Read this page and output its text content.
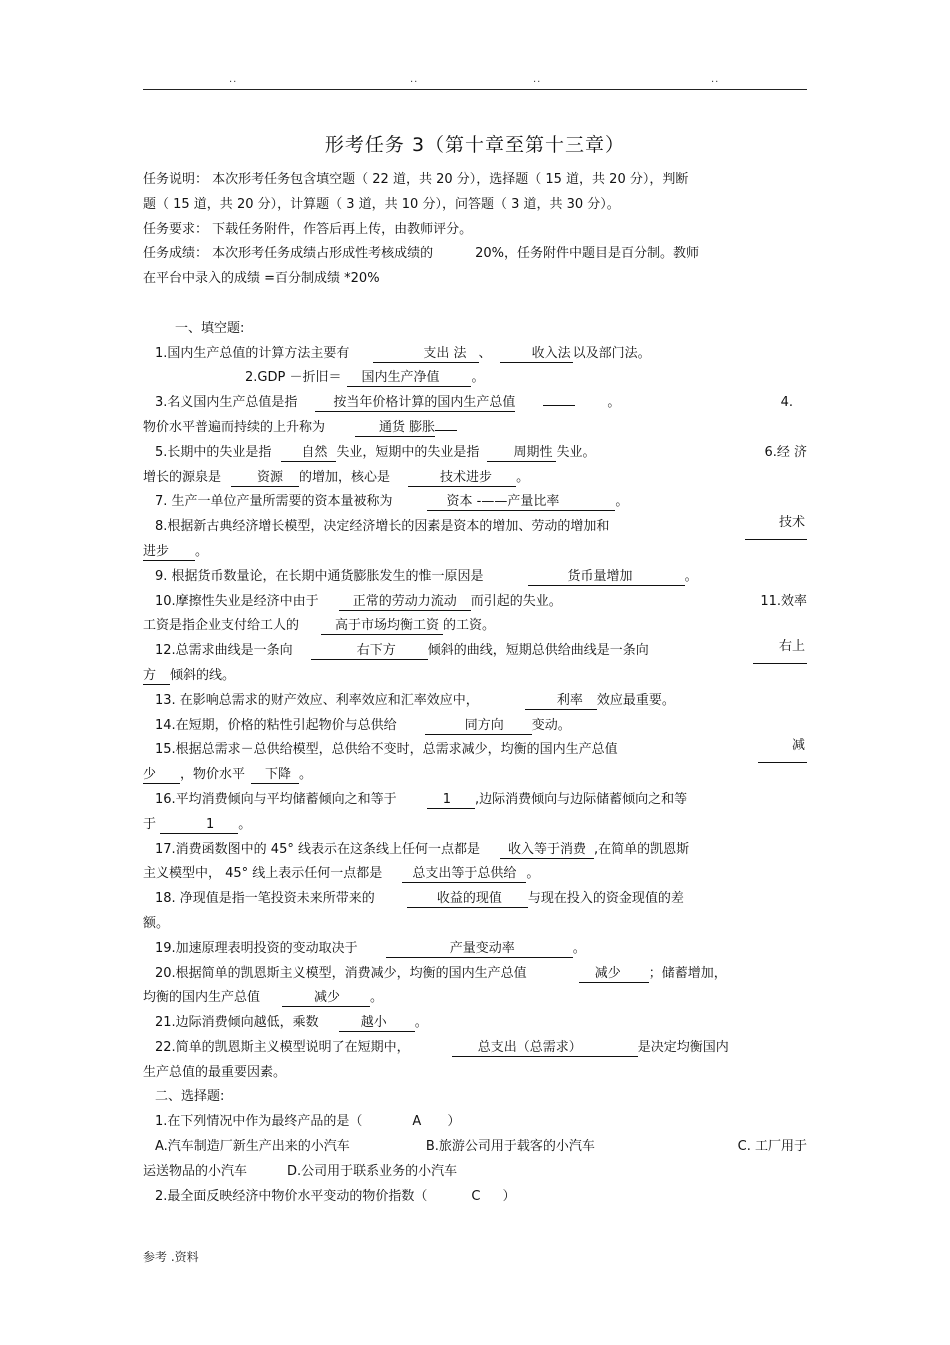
..	..	..	..
形考任务 3（第十章至第十三章）
任务说明： 本次形考任务包含填空题（ 22 道，共 20 分），选择题（ 15 道，共 20 分），判断
题（ 15 道，共 20 分），计算题（ 3 道，共 10 分），问答题（ 3 道，共 30 分）。
任务要求： 下载任务附件，作答后再上传，由教师评分。
任务成绩： 本次形考任务成绩占形成性考核成绩的	20%，任务附件中题目是百分制。教师
在平台中录入的成绩 =百分制成绩 *20%
一、填空题:
1.国内生产总值的计算方法主要有	支出 法 、	收入法 以及部门法。
2.GDP －折旧＝ 国内生产净值 。
3.名义国内生产总值是指	按当年价格计算的国内生产总值	。	4.
物价水平普遍而持续的上升称为	通货 膨胀
5.长期中的失业是指 自然 失业，短期中的失业是指	周期性 失业。	6.经 济
增长的源泉是	资源 的增加，核心是	技术进步 。
7. 生产一单位产量所需要的资本量被称为	资本 -——产量比率	。
8.根据新古典经济增长模型，决定经济增长的因素是资本的增加、劳动的增加和	技术
进步 。
9. 根据货币数量论，在长期中通货膨胀发生的惟一原因是	货币量增加	。
10.摩擦性失业是经济中由于	正常的劳动力流动 而引起的失业。	11.效率
工资是指企业支付给工人的	高于市场均衡工资 的工资。
12.总需求曲线是一条向	右下方 倾斜的曲线，短期总供给曲线是一条向	右上
方 倾斜的线。
13. 在影响总需求的财产效应、利率效应和汇率效应中，	利率 效应最重要。
14.在短期，价格的粘性引起物价与总供给	同方向 变动。
15.根据总需求－总供给模型，总供给不变时，总需求减少，均衡的国内生产总值	减
少 ，物价水平 下降 。
16.平均消费倾向与平均储蓄倾向之和等于	1 ,边际消费倾向与边际储蓄倾向之和等
于	1 。
17.消费函数图中的 45° 线表示在这条线上任何一点都是 收入等于消费 ,在简单的凯恩斯
主义模型中， 45° 线上表示任何一点都是 总支出等于总供给 。
18. 净现值是指一笔投资未来所带来的	收益的现值 与现在投入的资金现值的差
额。
19.加速原理表明投资的变动取决于	产量变动率	。
20.根据简单的凯恩斯主义模型，消费减少，均衡的国内生产总值	减少 ；储蓄增加，
均衡的国内生产总值	减少 。
21.边际消费倾向越低，乘数	越小 。
22.简单的凯恩斯主义模型说明了在短期中，	总支出（总需求）	是决定均衡国内
生产总值的最重要因素。
二、选择题:
1.在下列情况中作为最终产品的是（	A ）
A.汽车制造厂新生产出来的小汽车	B.旅游公司用于载客的小汽车	C. 工厂用于
运送物品的小汽车	D.公司用于联系业务的小汽车
2.最全面反映经济中物价水平变动的物价指数（	C ）
参考 .资料
